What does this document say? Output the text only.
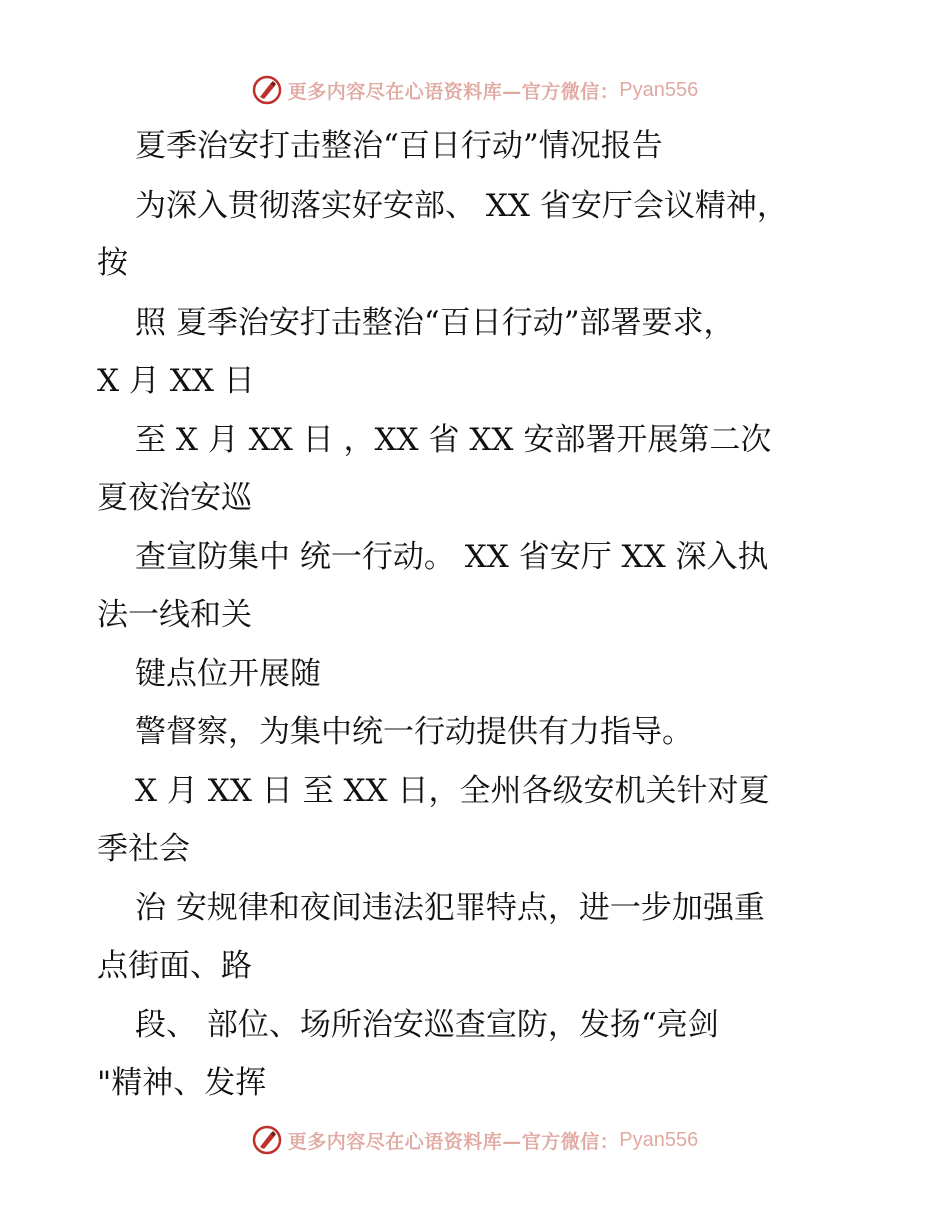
更多内容尽在心语资料库—官方微信： Pyan556
夏季治安打击整治“百日行动”情况报告
为深入贯彻落实好安部、 XX 省安厅会议精神，
按
照 夏季治安打击整治“百日行动”部署要求，
X 月 XX 日
至 X 月 XX 日 ，XX 省 XX 安部署开展第二次
夏夜治安巡
查宣防集中 统一行动。 XX 省安厅 XX 深入执
法一线和关
键点位开展随
警督察，为集中统一行动提供有力指导。
X 月 XX 日 至 XX 日，全州各级安机关针对夏
季社会
治 安规律和夜间违法犯罪特点，进一步加强重
点街面、路
段、 部位、场所治安巡查宣防，发扬“亮剑
"精神、发挥
更多内容尽在心语资料库—官方微信： Pyan556
